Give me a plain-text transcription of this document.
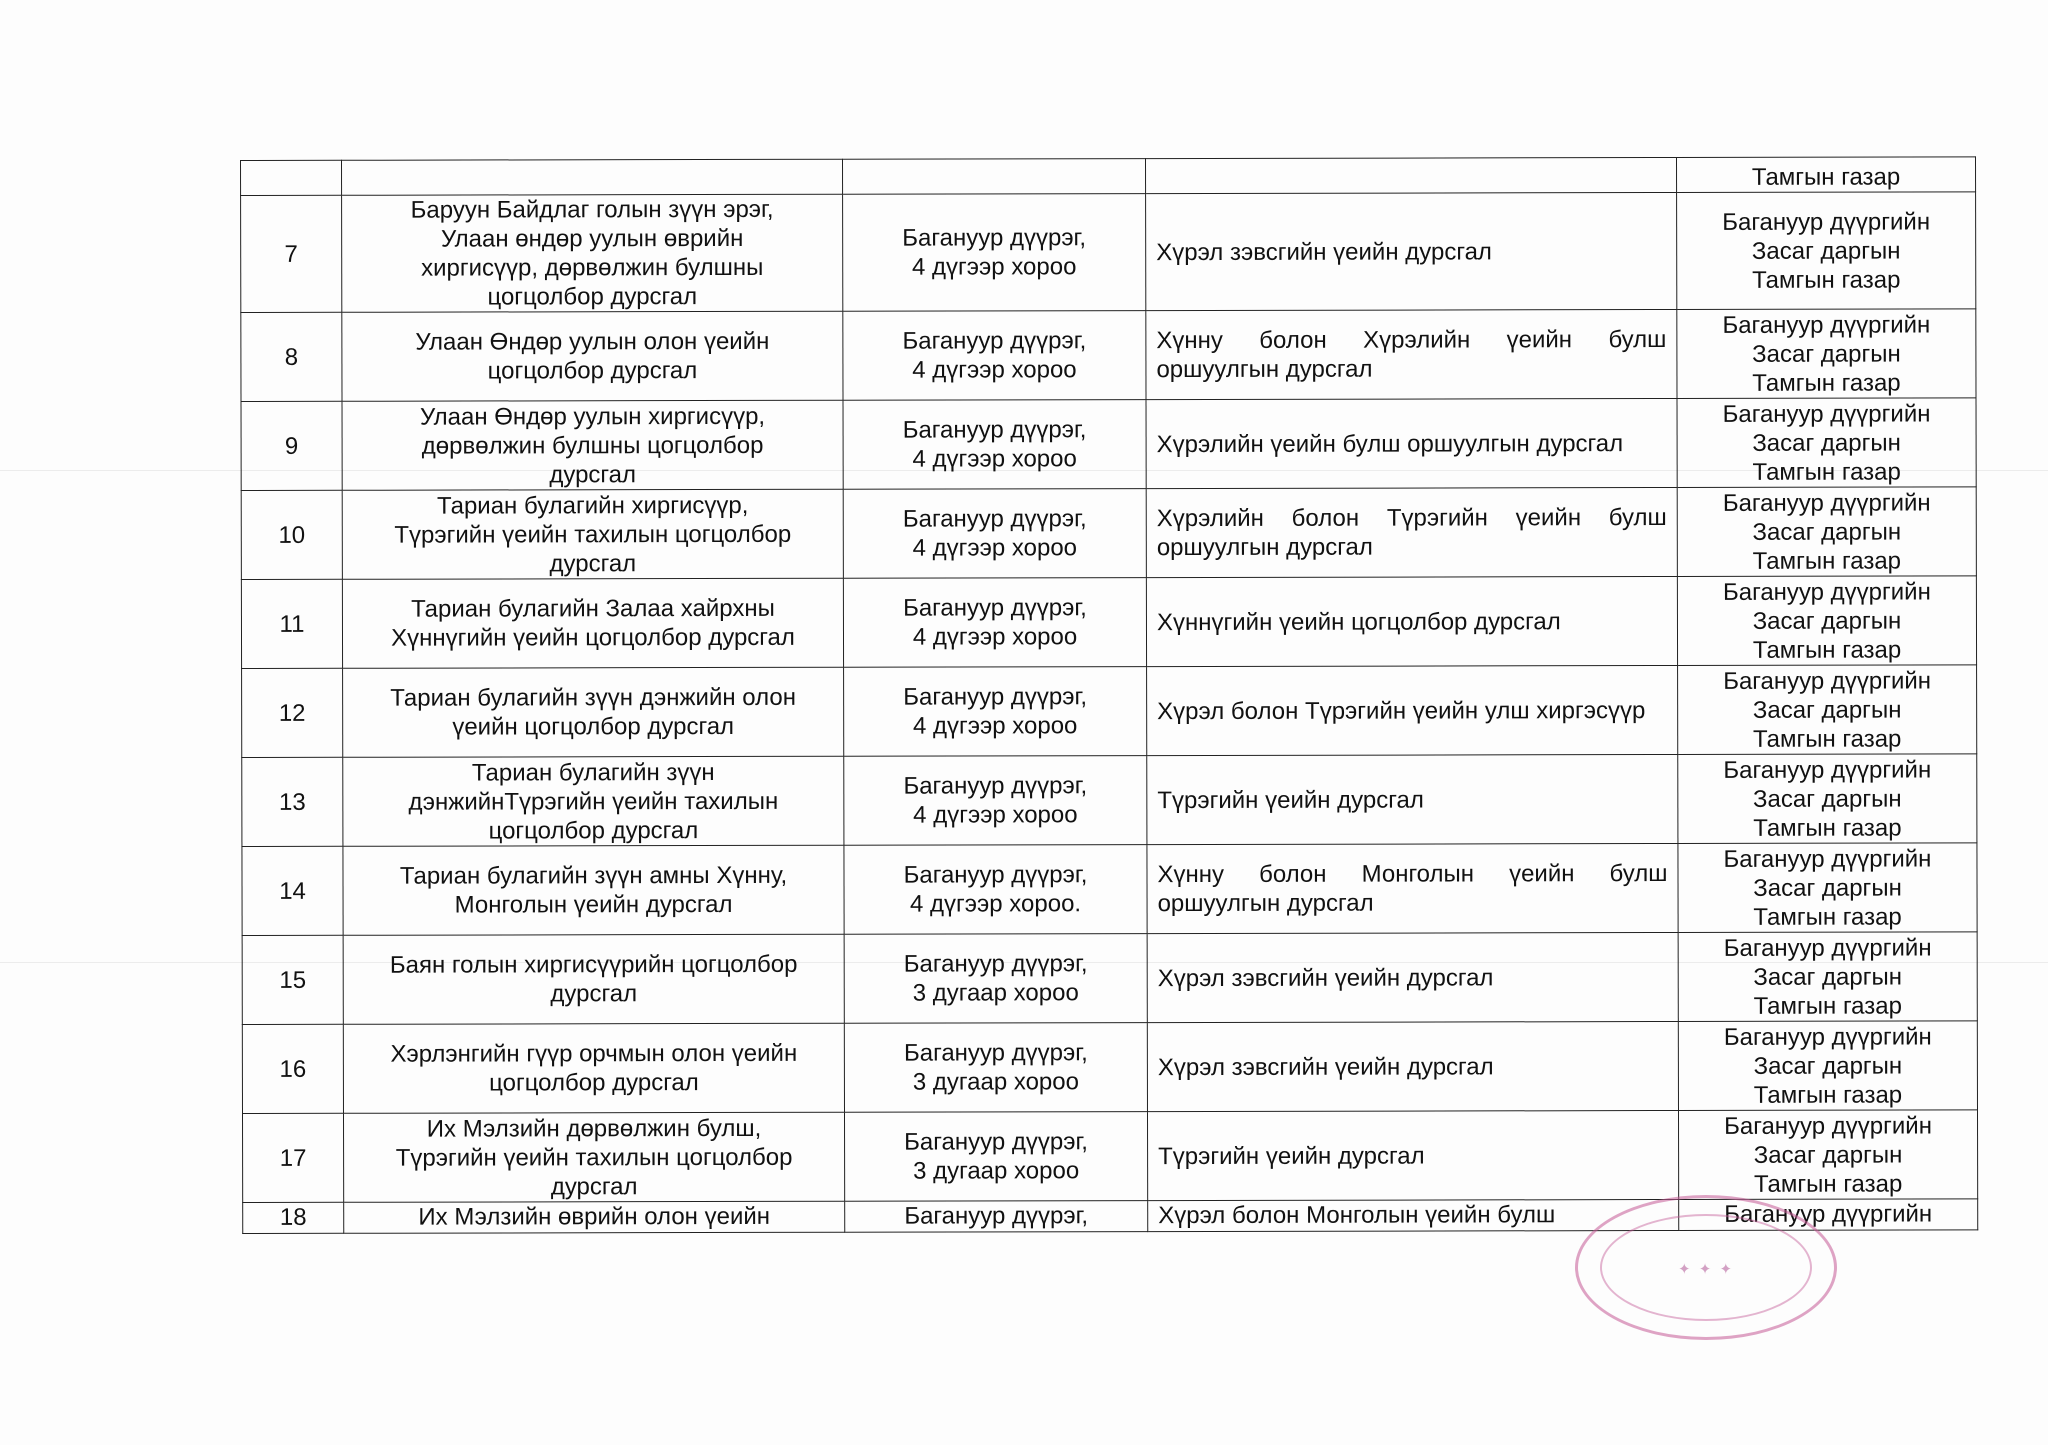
				Тамгын газар

7	Баруун Байдлаг голын зүүн эрэг,
Улаан өндөр уулын өврийн
хиргисүүр, дөрвөлжин булшны
цогцолбор дурсгал	Багануур дүүрэг,
4 дүгээр хороо	Хүрэл зэвсгийн үеийн дурсгал	Багануур дүүргийн
Засаг даргын
Тамгын газар

8	Улаан Өндөр уулын олон үеийн
цогцолбор дурсгал	Багануур дүүрэг,
4 дүгээр хороо	Хүнну болон Хүрэлийн үеийн булш оршуулгын дурсгал	Багануур дүүргийн
Засаг даргын
Тамгын газар

9	Улаан Өндөр уулын хиргисүүр,
дөрвөлжин булшны цогцолбор
дурсгал	Багануур дүүрэг,
4 дүгээр хороо	Хүрэлийн үеийн булш оршуулгын дурсгал	Багануур дүүргийн
Засаг даргын
Тамгын газар

10	Тариан булагийн хиргисүүр,
Түрэгийн үеийн тахилын цогцолбор
дурсгал	Багануур дүүрэг,
4 дүгээр хороо	Хүрэлийн болон Түрэгийн үеийн булш оршуулгын дурсгал	Багануур дүүргийн
Засаг даргын
Тамгын газар

11	Тариан булагийн Залаа хайрхны
Хүннүгийн үеийн цогцолбор дурсгал	Багануур дүүрэг,
4 дүгээр хороо	Хүннүгийн үеийн цогцолбор дурсгал	Багануур дүүргийн
Засаг даргын
Тамгын газар

12	Тариан булагийн зүүн дэнжийн олон
үеийн цогцолбор дурсгал	Багануур дүүрэг,
4 дүгээр хороо	Хүрэл болон Түрэгийн үеийн улш хиргэсүүр	Багануур дүүргийн
Засаг даргын
Тамгын газар

13	Тариан булагийн зүүн
дэнжийнТүрэгийн үеийн тахилын
цогцолбор дурсгал	Багануур дүүрэг,
4 дүгээр хороо	Түрэгийн үеийн дурсгал	Багануур дүүргийн
Засаг даргын
Тамгын газар

14	Тариан булагийн зүүн амны Хүнну,
Монголын үеийн дурсгал	Багануур дүүрэг,
4 дүгээр хороо.	Хүнну болон Монголын үеийн булш оршуулгын дурсгал	Багануур дүүргийн
Засаг даргын
Тамгын газар

15	Баян голын хиргисүүрийн цогцолбор
дурсгал	Багануур дүүрэг,
3 дугаар хороо	Хүрэл зэвсгийн үеийн дурсгал	Багануур дүүргийн
Засаг даргын
Тамгын газар

16	Хэрлэнгийн гүүр орчмын олон үеийн
цогцолбор дурсгал	Багануур дүүрэг,
3 дугаар хороо	Хүрэл зэвсгийн үеийн дурсгал	Багануур дүүргийн
Засаг даргын
Тамгын газар

17	Их Мэлзийн дөрвөлжин булш,
Түрэгийн үеийн тахилын цогцолбор
дурсгал	Багануур дүүрэг,
3 дугаар хороо	Түрэгийн үеийн дурсгал	Багануур дүүргийн
Засаг даргын
Тамгын газар

18	Их Мэлзийн өврийн олон үеийн	Багануур дүүрэг,	Хүрэл болон Монголын үеийн булш	Багануур дүүргийн
✦ ✦ ✦
